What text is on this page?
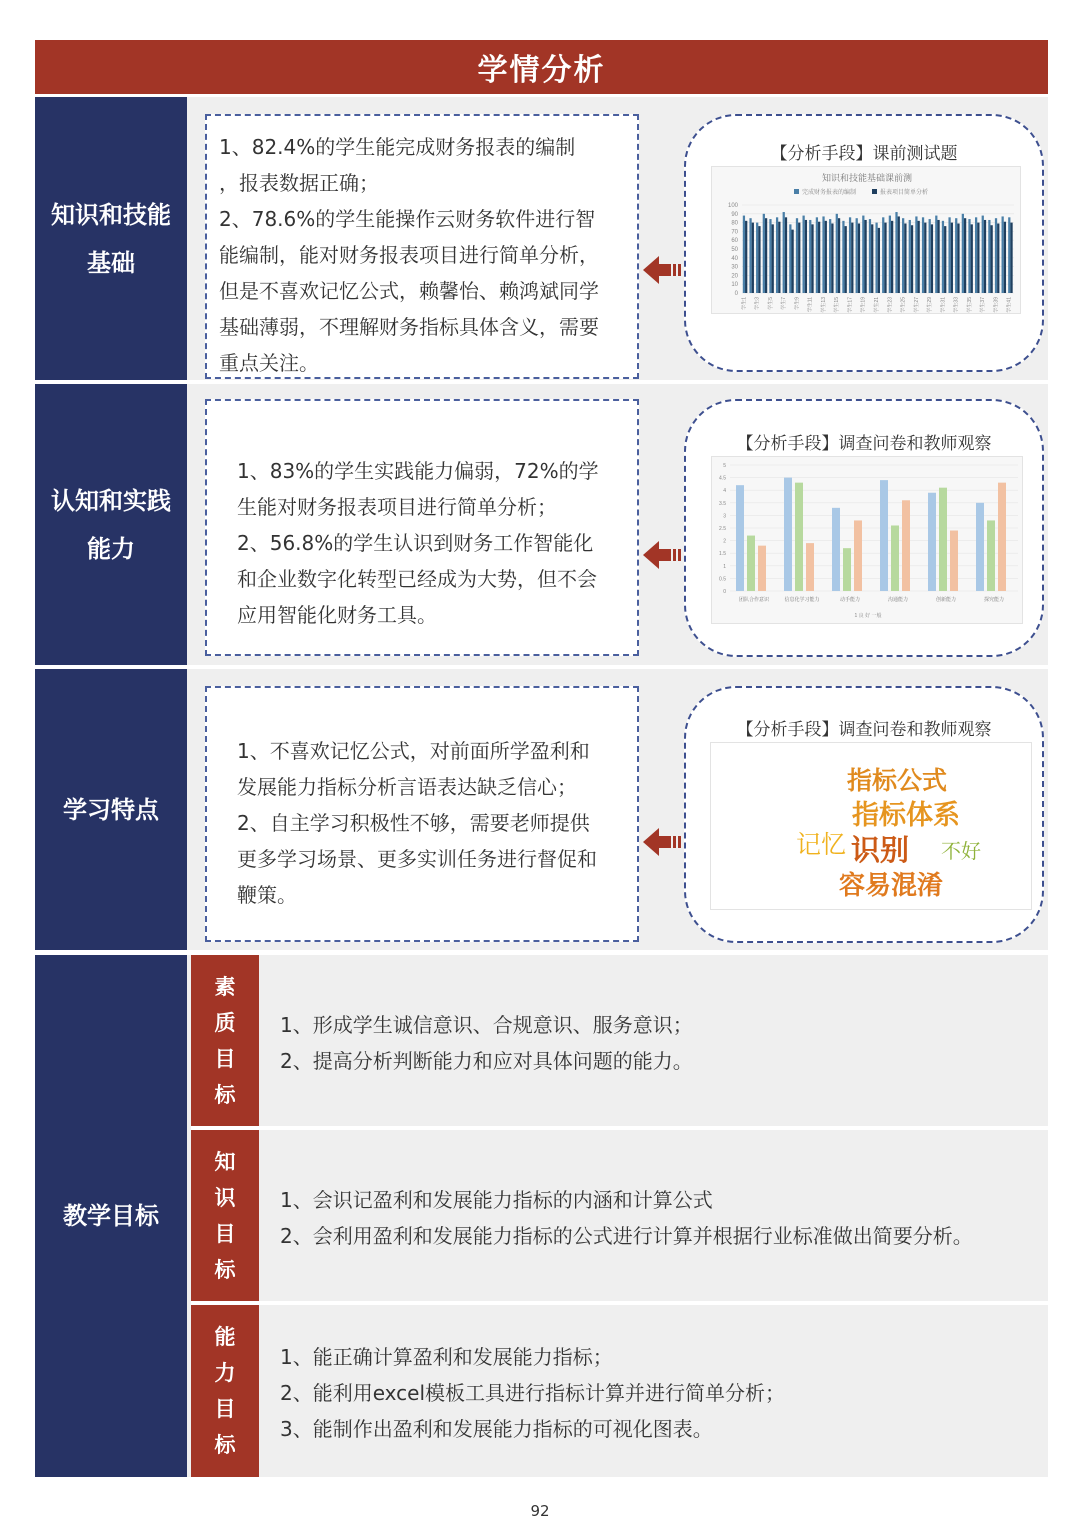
学情分析
知识和技能
基础

1、82.4%的学生能完成财务报表的编制

，报表数据正确；

2、78.6%的学生能操作云财务软件进行智

能编制，能对财务报表项目进行简单分析，

但是不喜欢记忆公式，赖馨怡、赖鸿斌同学

基础薄弱，不理解财务指标具体含义，需要

重点关注。

【分析手段】课前测试题
知识和技能基础课前测
完成财务报表的编制	报表项目简单分析
100
90
80
70
60
50
40
30
20
10
0
学生1 学生3 学生5 学生7 学生9 学生11 学生13 学生15 学生17 学生19 学生21 学生23 学生25 学生27 学生29 学生31 学生33 学生35 学生37 学生39 学生41
认知和实践
能力

1、83%的学生实践能力偏弱，72%的学

生能对财务报表项目进行简单分析；

2、56.8%的学生认识到财务工作智能化

和企业数字化转型已经成为大势，但不会

应用智能化财务工具。

【分析手段】调查问卷和教师观察
5
4.5
4
3.5
3
2.5
2
1.5
1
0.5
0
团队合作意识	信息化学习能力	动手能力	沟通能力	创新能力	探究能力
1 良 好 一般
学习特点

1、不喜欢记忆公式，对前面所学盈利和

发展能力指标分析言语表达缺乏信心；

2、自主学习积极性不够，需要老师提供

更多学习场景、更多实训任务进行督促和

鞭策。

【分析手段】调查问卷和教师观察
指标公式
指标体系
记忆 识别 不好
容易混淆
教学目标
素
质
目
标

1、形成学生诚信意识、合规意识、服务意识；

2、提高分析判断能力和应对具体问题的能力。

知
识
目
标

1、会识记盈利和发展能力指标的内涵和计算公式

2、会利用盈利和发展能力指标的公式进行计算并根据行业标准做出简要分析。

能
力
目
标

1、能正确计算盈利和发展能力指标；

2、能利用excel模板工具进行指标计算并进行简单分析；

3、能制作出盈利和发展能力指标的可视化图表。

92
